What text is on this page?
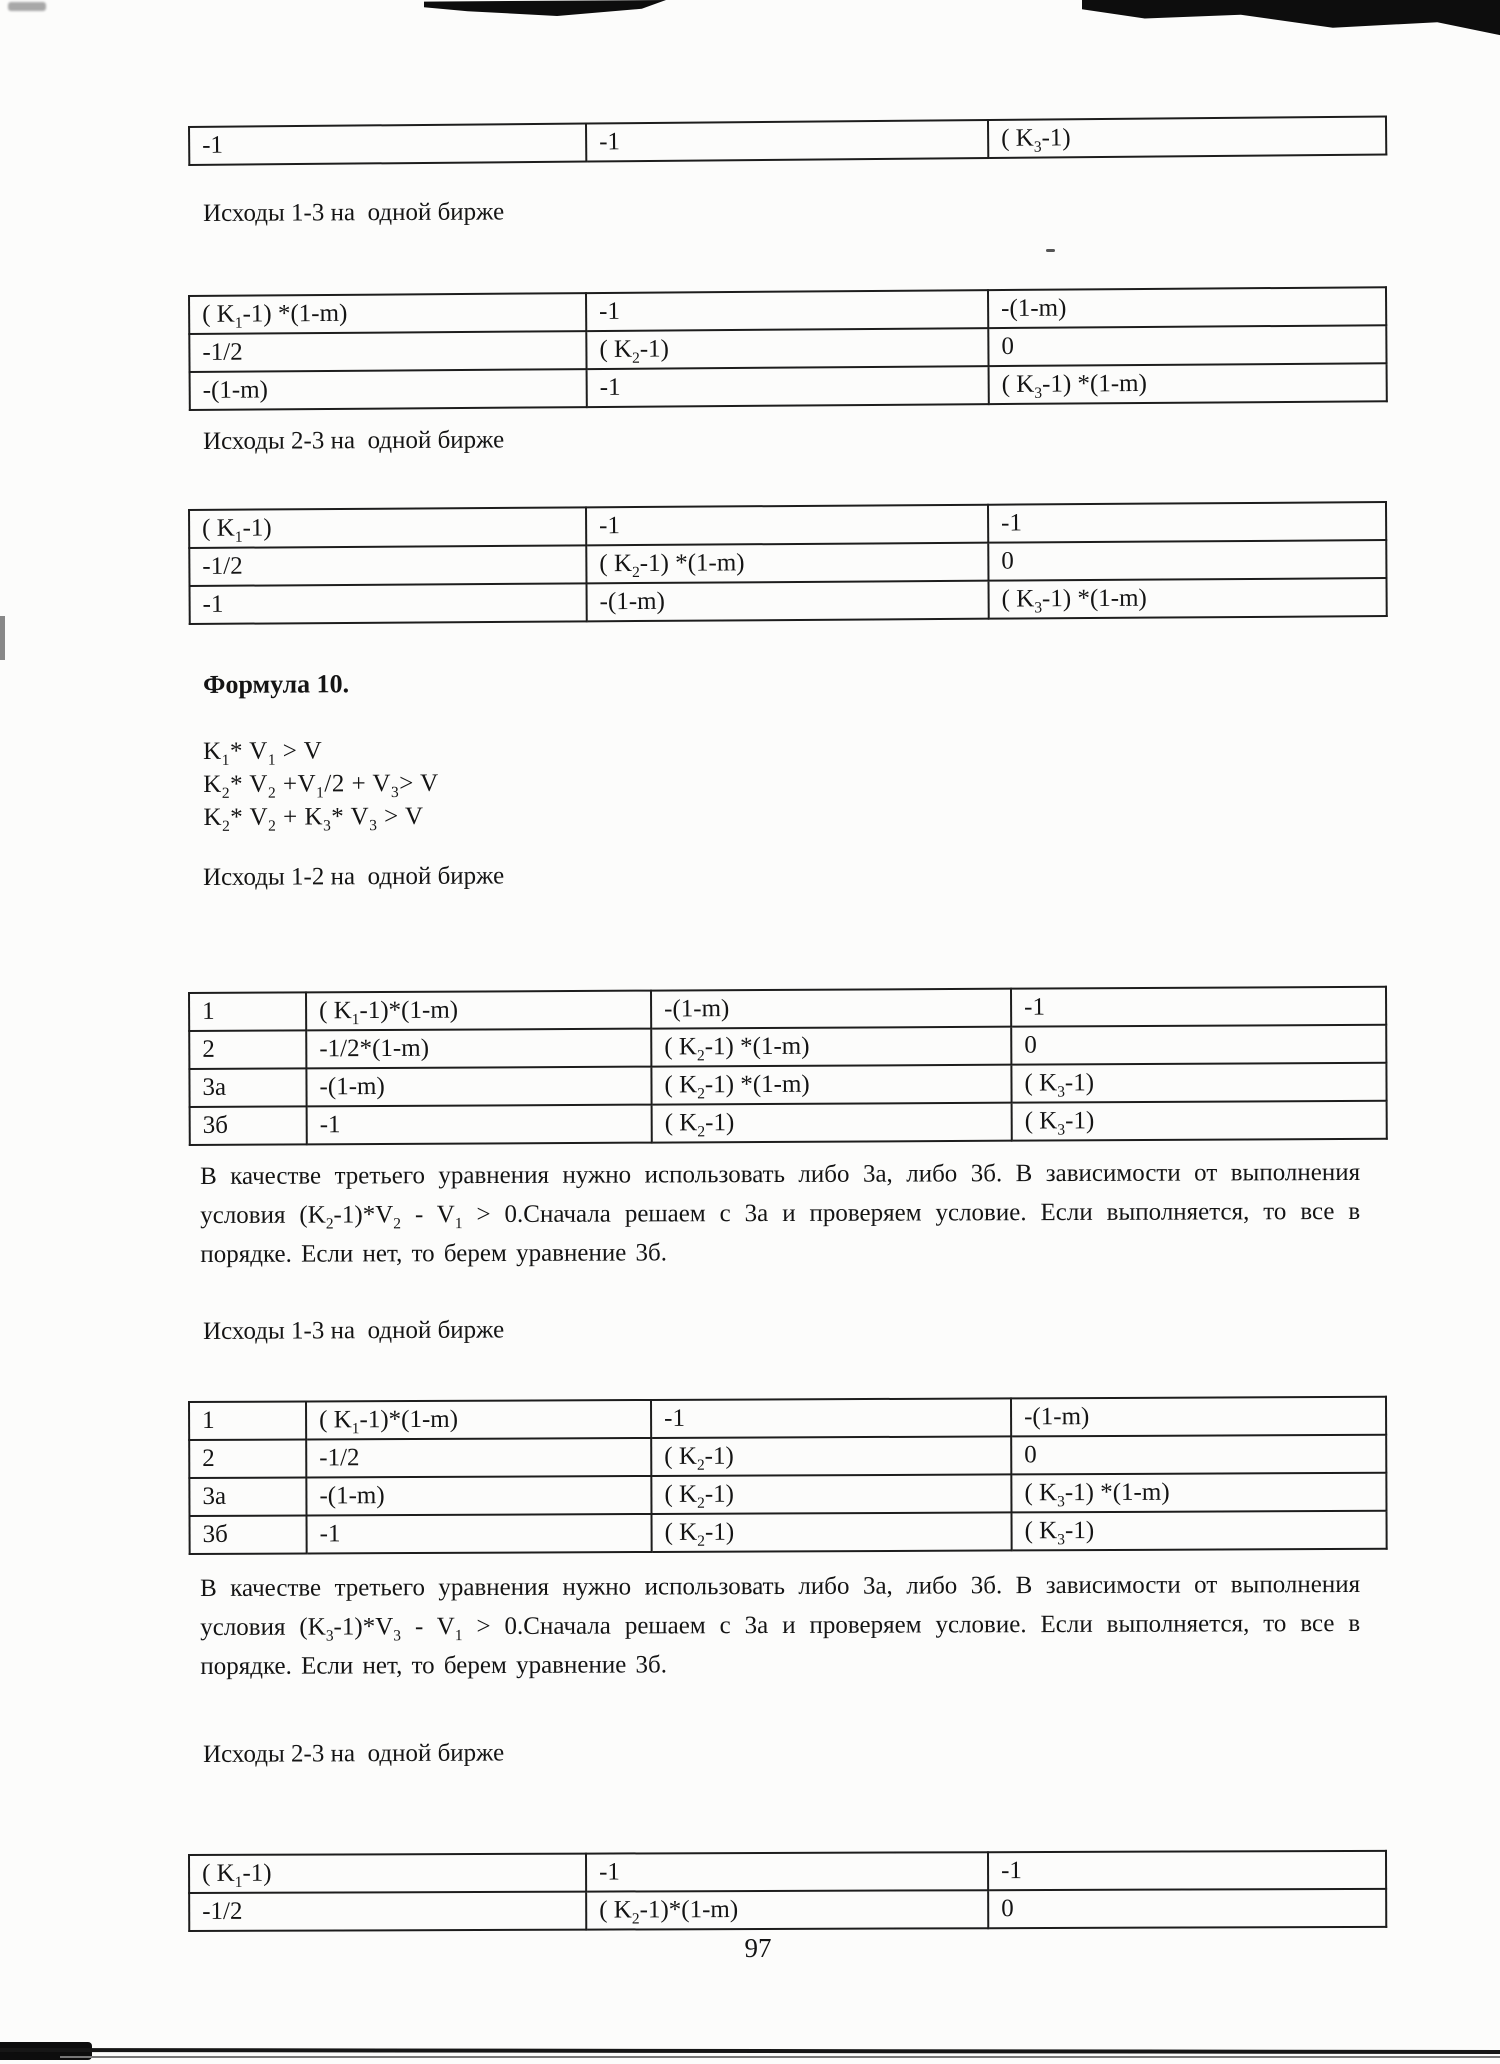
-1	-1	( $K_3-1$)
Исходы 1-3 на  одной бирже
( $K_1-1$) *(1-m)	-1	-(1-m)
-1/2	( $K_2-1$)	0
-(1-m)	-1	( $K_3-1$) *(1-m)
Исходы 2-3 на  одной бирже
( $K_1-1$)	-1	-1
-1/2	( $K_2-1$) *(1-m)	0
-1	-(1-m)	( $K_3-1$) *(1-m)
Формула 10.
$K_1*$ $V_1 > V$
$K_2*$ $V_2 +V_1/2 + V_3> V$
$K_2*$ $V_2 + K_3*$ $V_3 > V$
Исходы 1-2 на  одной бирже
1	( $K_1-1)*(1-m)$	-(1-m)	-1
2	-1/2*(1-m)	( $K_2-1$) *(1-m)	0
3а	-(1-m)	( $K_2-1$) *(1-m)	( $K_3-1$)
3б	-1	( $K_2-1$)	( $K_3-1$)
В качестве третьего уравнения нужно использовать либо 3а, либо 3б. В зависимости от выполнения условия $(K_2-1)*V_2 - V_1$ > 0.Сначала решаем с 3а и проверяем условие. Если выполняется, то все в порядке. Если нет, то берем уравнение 3б.
Исходы 1-3 на  одной бирже
1	( $K_1-1)*(1-m)$	-1	-(1-m)
2	-1/2	( $K_2-1$)	0
3а	-(1-m)	( $K_2-1$)	( $K_3-1$) *(1-m)
3б	-1	( $K_2-1$)	( $K_3-1$)
В качестве третьего уравнения нужно использовать либо 3а, либо 3б. В зависимости от выполнения условия $(K_3-1)*V_3 - V_1$ > 0.Сначала решаем с 3а и проверяем условие. Если выполняется, то все в порядке. Если нет, то берем уравнение 3б.
Исходы 2-3 на  одной бирже
( $K_1-1$)	-1	-1
-1/2	( $K_2-1)*(1-m)$	0
97
